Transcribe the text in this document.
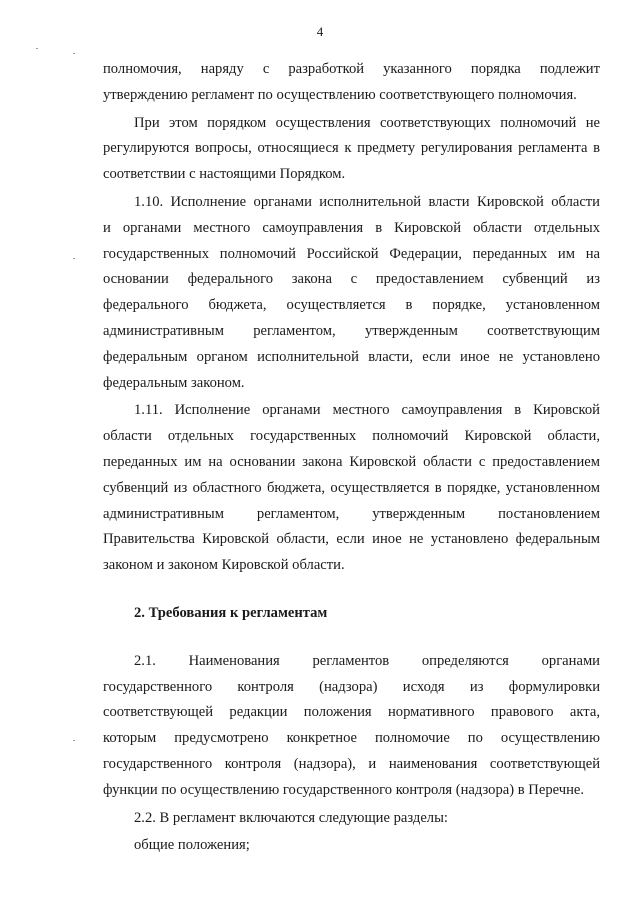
4
полномочия, наряду с разработкой указанного порядка подлежит
утверждению регламент по осуществлению соответствующего полномочия.
При этом порядком осуществления соответствующих полномочий не
регулируются вопросы, относящиеся к предмету регулирования регламента в
соответствии с настоящими Порядком.
1.10. Исполнение органами исполнительной власти Кировской области
и органами местного самоуправления в Кировской области отдельных
государственных полномочий Российской Федерации, переданных им на
основании федерального закона с предоставлением субвенций из
федерального бюджета, осуществляется в порядке, установленном
административным регламентом, утвержденным соответствующим
федеральным органом исполнительной власти, если иное не установлено
федеральным законом.
1.11. Исполнение органами местного самоуправления в Кировской
области отдельных государственных полномочий Кировской области,
переданных им на основании закона Кировской области с предоставлением
субвенций из областного бюджета, осуществляется в порядке, установленном
административным регламентом, утвержденным постановлением
Правительства Кировской области, если иное не установлено федеральным
законом и законом Кировской области.
2. Требования к регламентам
2.1. Наименования регламентов определяются органами
государственного контроля (надзора) исходя из формулировки
соответствующей редакции положения нормативного правового акта,
которым предусмотрено конкретное полномочие по осуществлению
государственного контроля (надзора), и наименования соответствующей
функции по осуществлению государственного контроля (надзора) в Перечне.
2.2. В регламент включаются следующие разделы:
общие положения;
